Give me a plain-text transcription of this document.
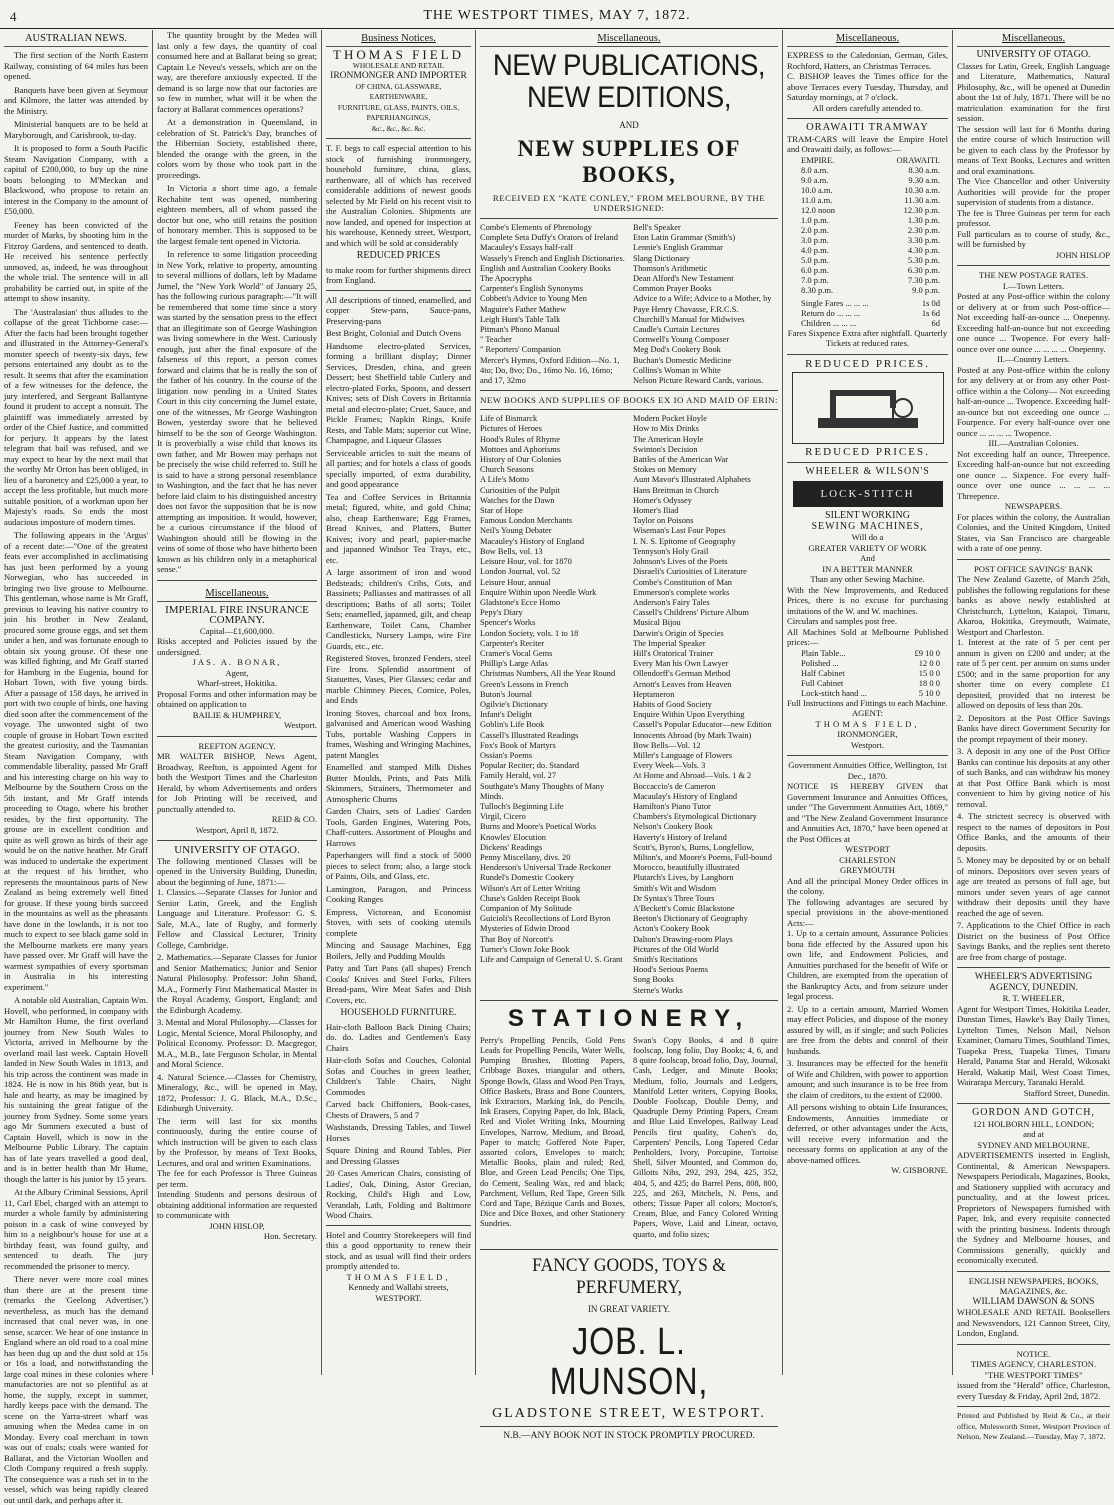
4	THE WESTPORT TIMES, MAY 7, 1872.
AUSTRALIAN NEWS.

The first section of the North Eastern Railway, consisting of 64 miles has been opened.

Banquets have been given at Seymour and Kilmore, the latter was attended by the Ministry.

Ministerial banquets are to be held at Maryborough, and Carisbrook, to-day.

It is proposed to form a South Pacific Steam Navigation Company, with a capital of £200,000, to buy up the nine boats belonging to M'Meckan and Blackwood, who propose to retain an interest in the Company to the amount of £50,000.

Feeney has been convicted of the murder of Marks, by shooting him in the Fitzroy Gardens, and sentenced to death. He received his sentence perfectly unmoved, as, indeed, he was throughout the whole trial. The sentence will in all probability be carried out, in spite of the attempt to show insanity.

The 'Australasian' thus alludes to the collapse of the great Tichborne case:—After the facts had been brought together and illustrated in the Attorney-General's monster speech of twenty-six days, few persons entertained any doubt as to the result. It seems that after the examination of a few witnesses for the defence, the jury interfered, and Sergeant Ballantyne found it prudent to accept a nonsuit. The plaintiff was immediately arrested by order of the Chief Justice, and committed for perjury. It appears by the latest telegram that bail was refused, and we may expect to hear by the next mail that the worthy Mr Orton has been obliged, in lieu of a baronetcy and £25,000 a year, to accept the less profitable, but much more suitable position, of a workman upon her Majesty's roads. So ends the most audacious imposture of modern times.

The following appears in the 'Argus' of a recent date:—"One of the greatest feats ever accomplished in acclimatising has just been performed by a young Norwegian, who has succeeded in bringing two live grouse to Melbourne. This gentleman, whose name is Mr Graff, previous to leaving his native country to join his brother in New Zealand, procured some grouse eggs, and set them under a hen, and was fortunate enough to obtain six young grouse. Of these one was killed fighting, and Mr Graff started for Hamburg in the Eugenia, bound for Hobart Town, with five young birds. After a passage of 158 days, he arrived in port with two couple of birds, one having died soon after the commencement of the voyage. The unwonted sight of two couple of grouse in Hobart Town excited the greatest curiosity, and the Tasmanian Steam Navigation Company, with commendable liberality, passed Mr Graff and his interesting charge on his way to Melbourne by the Southern Cross on the 5th instant, and Mr Graff intends proceeding to Otago, where his brother resides, by the first opportunity. The grouse are in excellent condition and quite as well grown as birds of their age would be on the native heather. Mr Graff was induced to undertake the experiment at the request of his brother, who represents the mountainous parts of New Zealand as being extremely well fitted for grouse. If these young birds succeed in the mountains as well as the pheasants have done in the lowlands, it is not too much to expect to see black game sold in the Melbourne markets ere many years have passed over. Mr Graff will have the warmest sympathies of every sportsman in Australia in his interesting experiment."

A notable old Australian, Captain Wm. Hovell, who performed, in company with Mr Hamilton Hume, the first overland journey from New South Wales to Victoria, arrived in Melbourne by the overland mail last week. Captain Hovell landed in New South Wales in 1813, and his trip across the continent was made in 1824. He is now in his 86th year, but is hale and hearty, as may be imagined by his sustaining the great fatigue of the journey from Sydney. Some some years ago Mr Summers executed a bust of Captain Hovell, which is now in the Melbourne Public Library. The captain has of late years travelled a good deal, and is in better health than Mr Hume, though the latter is his junior by 15 years.

At the Albury Criminal Sessions, April 11, Carl Ebel, charged with an attempt to murder a whole family by administering poison in a cask of wine conveyed by him to a neighbour's house for use at a birthday feast, was found guilty, and sentenced to death. The jury recommended the prisoner to mercy.

There never were more coal mines than there are at the present time (remarks the 'Geelong Advertiser,') nevertheless, as much has the demand increased that coal never was, in one sense, scarcer. We hear of one instance in England where an old road to a coal mine has been dug up and the dust sold at 15s or 16s a load, and notwithstanding the large coal mines in these colonies where manufactories are not so plentiful as at home, the supply, except in summer, hardly keeps pace with the demand. The scene on the Yarra-street wharf was amusing when the Medea came in on Monday. Every coal merchant in town was out of coals; coals were wanted for Ballarat, and the Victorian Woollen and Cloth Company required a fresh supply. The consequence was a rush set in to the vessel, which was being rapidly cleared out until dark, and perhaps after it.

The quantity brought by the Medea will last only a few days, the quantity of coal consumed here and at Ballarat being so great; Captain Le Neveu's vessels, which are on the way, are therefore anxiously expected. If the demand is so large now that our factories are so few in number, what will it be when the factory at Ballarat commences operations?

At a demonstration in Queensland, in celebration of St. Patrick's Day, branches of the Hibernian Society, established there, blended the orange with the green, in the colors worn by those who took part in the proceedings.

In Victoria a short time ago, a female Rechabite tent was opened, numbering eighteen members, all of whom passed the doctor but one, who still retains the position of honorary member. This is supposed to be the largest female tent opened in Victoria.

In reference to some litigation proceeding in New York, relative to property, amounting to several millions of dollars, left by Madame Jumel, the "New York World" of January 25, has the following curious paragraph:—"It will be remembered that some time since a story was started by the sensation press to the effect that an illegitimate son of George Washington was living somewhere in the West. Curiously enough, just after the final exposure of the falseness of this report, a person comes forward and claims that he is really the son of the father of his country. In the course of the litigation now pending in a United States Court in this city concerning the Jumel estate, one of the witnesses, Mr George Washington Bowen, yesterday swore that he believed himself to be the son of George Washington. It is proverbially a wise child that knows its own father, and Mr Bowen may perhaps not be precisely the wise child referred to. Still he is said to have a strong personal resemblance to Washington, and the fact that he has never before laid claim to his distinguished ancestry does not favor the supposition that he is now attempting an imposition. It would, however, be a curious circumstance if the blood of Washington should still be flowing in the veins of some of those who have hitherto been known as his children only in a metaphorical sense."

Miscellaneous.
IMPERIAL FIRE INSURANCE COMPANY.
Capital—£1,600,000.
Risks accepted and Policies issued by the undersigned.
JAS. A. BONAR,
Agent,
Wharf-street, Hokitika.
Proposal Forms and other information may be obtained on application to
BAILIE & HUMPHREY,
Westport.
REEFTON AGENCY.
MR WALTER BISHOP, News Agent, Broadway, Reefton, is appointed Agent for both the Westport Times and the Charleston Herald, by whom Advertisements and orders for Job Printing will be received, and punctually attended to.
REID & CO.
Westport, April 8, 1872.
UNIVERSITY OF OTAGO.
The following mentioned Classes will be opened in the University Building, Dunedin, about the beginning of June, 1871:—
1. Classics.—Separate Classes for Junior and Senior Latin, Greek, and the English Language and Literature. Professor: G. S. Sale, M.A., late of Rugby, and formerly Fellow and Classical Lecturer, Trinity College, Cambridge.
2. Mathematics.—Separate Classes for Junior and Senior Mathematics; Junior and Senior Natural Philosophy. Professor: John Shand, M.A., Formerly First Mathematical Master in the Royal Academy, Gosport, England; and the Edinburgh Academy.
3. Mental and Moral Philosophy.—Classes for Logic, Mental Science, Moral Philosophy, and Political Economy. Professor: D. Macgregor, M.A., M.B., late Ferguson Scholar, in Mental and Moral Science.
4. Natural Science.—Classes for Chemistry, Mineralogy, &c., will be opened in May, 1872, Professor: J. G. Black, M.A., D.Sc., Edinburgh University.
The term will last for six months continuously, during the entire course of which instruction will be given to each class by the Professor, by means of Text Books, Lectures, and oral and written Examinations.
The fee for each Professor is Three Guineas per term.
Intending Students and persons desirous of obtaining additional information are requested to communicate with
JOHN HISLOP,
Hon. Secretary.
Business Notices.
THOMAS FIELD
WHOLESALE AND RETAIL
IRONMONGER AND IMPORTER
OF CHINA, GLASSWARE, EARTHENWARE,
FURNITURE, GLASS, PAINTS, OILS, PAPERHANGINGS,
&c., &c., &c. &c.
T. F. begs to call especial attention to his stock of furnishing ironmongery, household furniture, china, glass, earthenware, all of which has received considerable additions of newest goods selected by Mr Field on his recent visit to the Australian Colonies. Shipments are now landed, and opened for inspection at his warehouse, Kennedy street, Westport, and which will be sold at considerably
REDUCED PRICES
to make room for further shipments direct from England.
All descriptions of tinned, enamelled, and copper Stew-pans, Sauce-pans, Preserving-pans
Best Bright, Colonial and Dutch Ovens
Handsome electro-plated Services, forming a brilliant display; Dinner Services, Dresden, china, and green Dessert; best Sheffield table Cutlery and electro-plated Forks, Spoons, and dessert Knives; sets of Dish Covers in Britannia metal and electro-plate; Cruet, Sauce, and Pickle Frames; Napkin Rings, Knife Rests, and Table Mats; superior cut Wine, Champagne, and Liqueur Glasses
Serviceable articles to suit the means of all parties; and for hotels a class of goods specially imported, of extra durability, and good appearance
Tea and Coffee Services in Britannia metal; figured, white, and gold China; also, cheap Earthenware; Egg Frames, Bread Knives, and Platters, Butter Knives; ivory and pearl, papier-mache and japanned Windsor Tea Trays, etc., etc.
A large assortment of iron and wood Bedsteads; children's Cribs, Cots, and Bassinets; Palliasses and mattrasses of all descriptions; Baths of all sorts; Toilet Sets; enamelled, japanned, gilt, and cheap Earthenware, Toilet Cans, Chamber Candlesticks, Nursery Lamps, wire Fire Guards, etc., etc.
Registered Stoves, bronzed Fenders, steel Fire Irons. Splendid assortment of Statuettes, Vases, Pier Glasses; cedar and marble Chimney Pieces, Cornice, Poles, and Ends
Ironing Stoves, charcoal and box Irons, galvanised and American wood Washing Tubs, portable Washing Coppers in frames, Washing and Wringing Machines, patent Mangles
Enamelled and stamped Milk Dishes Butter Moulds, Prints, and Pats Milk Skimmers, Strainers, Thermometer and Atmospheric Churns
Garden Chairs, sets of Ladies' Garden Tools, Garden Engines, Watering Pots, Chaff-cutters. Assortment of Ploughs and Harrows
Paperhangers will find a stock of 5000 pieces to select from; also, a large stock of Paints, Oils, and Glass, etc.
Lamington, Paragon, and Princess Cooking Ranges
Empress, Victorean, and Economist Stoves, with sets of cooking utensils complete
Mincing and Sausage Machines, Egg Boilers, Jelly and Pudding Moulds
Patty and Tart Pans (all shapes) French Cooks' Knives and Steel Forks, Filters Bread-pans, Wire Meat Safes and Dish Covers, etc.
HOUSEHOLD FURNITURE.
Hair-cloth Balloon Back Dining Chairs; do. do. Ladies and Gentlemen's Easy Chairs
Hair-cloth Sofas and Couches, Colonial Sofas and Couches in green leather, Children's Table Chairs, Night Commodes
Carved back Chiffoniers, Book-cases, Chests of Drawers, 5 and 7
Washstands, Dressing Tables, and Towel Horses
Square Dining and Round Tables, Pier and Dressing Glasses
20 Cases American Chairs, consisting of Ladies', Oak, Dining, Astor Grecian, Rocking, Child's High and Low, Verandah, Lath, Folding and Baltimore Wood Chairs.
Hotel and Country Storekeepers will find this a good opportunity to renew their stock, and as usual will find their orders promptly attended to.
THOMAS FIELD,
Kennedy and Wallabi streets,
WESTPORT.
Miscellaneous.
NEW PUBLICATIONS, NEW EDITIONS,
AND
NEW SUPPLIES OF BOOKS,
RECEIVED EX "KATE CONLEY," FROM MELBOURNE, BY THE UNDERSIGNED:
Combe's Elements of Phrenology
Complete Seta Duffy's Orators of Ireland
Macauley's Essays half-calf
Wassely's French and English Dictionaries.
English and Australian Cookery Books
The Apocrypha
Carpenter's English Synonyms
Cobbett's Advice to Young Men
Maguire's Father Mathew
Leigh Hunt's Table Talk
Pitman's Phono Manual
" Teacher
" Reporters' Companion
Mercer's Hymns, Oxford Edition—No. 1, 4to; Do, 8vo; Do., 16mo No. 16, 16mo; and 17, 32mo
Bell's Speaker
Eton Latin Grammar (Smith's)
Lennie's English Grammar
Slang Dictionary
Thomson's Arithmetic
Dean Alford's New Testament
Common Prayer Books
Advice to a Wife; Advice to a Mother, by Paye Henry Chavasse, F.R.C.S.
Churchill's Manual for Midwives
Caudle's Curtain Lectures
Cornwell's Young Composer
Meg Dod's Cookery Book
Buchan's Domestic Medicine
Collins's Woman in White
Nelson Picture Reward Cards, various.
NEW BOOKS AND SUPPLIES OF BOOKS EX IO AND MAID OF ERIN:
Life of Bismarck
Pictures of Heroes
Hood's Rules of Rhyme
Mottoes and Aphorisms
History of Our Colonies
Church Seasons
A Life's Motto
Curiosities of the Pulpit
Watches for the Dawn
Star of Hope
Famous London Merchants
Neil's Young Debater
Macauley's History of England
Bow Bells, vol. 13
Leisure Hour, vol. for 1870
London Journal, vol. 52
Leisure Hour, annual
Enquire Within upon Needle Work
Gladstone's Ecce Homo
Pepy's Diary
Spencer's Works
London Society, vols. 1 to 18
Carpenter's Reciter
Cramer's Vocal Gems
Phillip's Large Atlas
Christmas Numbers, All the Year Round
Green's Lessons in French
Buton's Journal
Ogilvie's Dictionary
Infant's Delight
Goblin's Life Book
Cassell's Illustrated Readings
Fox's Book of Martyrs
Ossian's Poems
Popular Reciter; do. Standard
Family Herald, vol. 27
Southgate's Many Thoughts of Many Minds.
Tulloch's Beginning Life
Virgil, Cicero
Burns and Moore's Poetical Works
Knowles' Elocution
Dickens' Readings
Penny Miscellany, divs. 20
Henderson's Universal Trade Reckoner
Rundel's Domestic Cookery
Wilson's Art of Letter Writing
Chase's Golden Receipt Book
Companion of My Solitude
Guicioli's Recollections of Lord Byron
Mysteries of Edwin Drood
That Boy of Norcott's
Turner's Clown Joke Book
Life and Campaign of General U. S. Grant
Modern Pocket Hoyle
How to Mix Drinks
The American Hoyle
Swinton's Decision
Battles of the American War
Stokes on Memory
Aunt Mavor's Illustrated Alphabets
Hans Breitman in Church
Homer's Odyssey
Homer's Iliad
Taylor on Poisons
Wiseman's Last Four Popes
I. N. S. Epitome of Geography
Tennyson's Holy Grail
Johnson's Lives of the Poets
Disraeli's Curiosities of Literature
Combe's Constitution of Man
Emmerson's complete works
Anderson's Fairy Tales
Cassell's Childrens' Picture Album
Musical Bijou
Darwin's Origin of Species
The Imperial Speaker
Hill's Oratorical Trainer
Every Man his Own Lawyer
Ollendorff's German Method
Arnott's Leaves from Heaven
Heptameron
Habits of Good Society
Enquire Within Upon Everything
Cassell's Popular Educator—new Edition
Innocents Abroad (by Mark Twain)
Bow Bells—Vol. 12
Miller's Language of Flowers
Every Week—Vols. 3
At Home and Abroad—Vols. 1 & 2
Boccaccio's de Cameron
Macaulay's History of England
Hamilton's Piano Tutor
Chambers's Etymological Dictionary
Nelson's Cookery Book
Haverty's History of Ireland
Scott's, Byron's, Burns, Longfellow, Milton's, and Moore's Poems, Full-bound Morocco, beautifully illustrated
Plutarch's Lives, by Langhorn
Smith's Wit and Wisdom
Dr Syntax's Three Tours
A'Beckett's Comic Blackstone
Beeton's Dictionary of Geography
Acton's Cookery Book
Dalton's Drawing-room Plays
Pictures of the Old World
Smith's Recitations
Hood's Serious Poems
Song Books
Sterne's Works
STATIONERY,
Perry's Propelling Pencils, Gold Pens Leads for Propelling Pencils, Water Wells, Pumping Brushes, Blotting Papers, Cribbage Boxes, triangular and others, Sponge Bowls, Glass and Wood Pen Trays, Office Baskets, Brass and Bone Counters, Ink Extractors, Marking Ink, do Pencils, Ink Erasers, Copying Paper, do Ink, Black, Red and Violet Writing Inks, Mourning Envelopes, Narrow, Medium, and Broad, Paper to match; Goffered Note Paper, assorted colors, Envelopes to match; Metallic Books, plain and ruled; Red, Blue, and Green Lead Pencils; One Tips, do Cement, Sealing Wax, red and black; Parchment, Vellum, Red Tape, Green Silk Cord and Tape, Bézique Cards and Boxes, Dice and Dice Boxes, and other Stationery Sundries.
Swan's Copy Books, 4 and 8 quire foolscap, long folio, Day Books; 4, 6, and 8 quire foolscap, broad folio, Day, Journal, Cash, Ledger, and Minute Books; Medium, folio, Journals and Ledgers, Manifold Letter writers, Copying Books, Double Foolscap, Double Demy, and Quadruple Demy Printing Papers, Cream and Blue Laid Envelopes, Railway Lead Pencils first quality, Cohen's do, Carpenters' Pencils, Long Tapered Cedar Penholders, Ivory, Porcupine, Tortoise Shell, Silver Mounted, and Common do, Gillotts Nibs, 292, 293, 294, 425, 352, 404, 5, and 425; do Barrel Pens, 808, 800, 225, and 263, Mitchels, N. Pens, and others; Tissue Paper all colors; Mocton's, Cream, Blue, and Fancy Colored Writing Papers, Wove, Laid and Linear, octavo, quarto, and folio sizes;
FANCY GOODS, TOYS & PERFUMERY,
IN GREAT VARIETY.
JOB. L. MUNSON,
GLADSTONE STREET, WESTPORT.
N.B.—ANY BOOK NOT IN STOCK PROMPTLY PROCURED.
Miscellaneous.
EXPRESS to the Caledonian, German, Giles, Rochford, Hatters, an Christmas Terraces.
C. BISHOP leaves the Times office for the above Terraces every Tuesday, Thursday, and Saturday mornings, at 7 o'clock.
All orders carefully attended to.
ORAWAITI TRAMWAY
TRAM-CARS will leave the Empire Hotel and Orawaiti daily, as follows:—
EMPIRE.	ORAWAITI.
8.0 a.m.	8.30 a.m.
9.0 a.m.	9.30 a.m.
10.0 a.m.	10.30 a.m.
11.0 a.m.	11.30 a.m.
12.0 noon	12.30 p.m.
1.0 p.m.	1.30 p.m.
2.0 p.m.	2.30 p.m.
3.0 p.m.	3.30 p.m.
4.0 p.m.	4.30 p.m.
5.0 p.m.	5.30 p.m.
6.0 p.m.	6.30 p.m.
7.0 p.m.	7.30 p.m.
8.30 p.m.	9.0 p.m.
Single Fares ... ... ...	1s 0d
Return do ... ... ...	1s 6d
Children ... ... ...	6d
Fares Sixpence Extra after nightfall. Quarterly Tickets at reduced rates.
REDUCED PRICES.
REDUCED PRICES.
WHEELER & WILSON'S
LOCK-STITCH
SILENT WORKING
SEWING MACHINES,
Will do a
GREATER VARIETY OF WORK
And
IN A BETTER MANNER
Than any other Sewing Machine.
With the New Improvements, and Reduced Prices, there is no excuse for purchasing imitations of the W. and W. machines.
Circulars and samples post free.
All Machines Sold at Melbourne Published prices:—
Plain Table...	£9 10 0
Polished ...	12 0 0
Half Cabinet	15 0 0
Full Cabinet	18 0 0
Lock-stitch hand ...	5 10 0
Full Instructions and Fittings to each Machine.
AGENT:
THOMAS FIELD,
IRONMONGER,
Westport.
Government Annuities Office, Wellington, 1st Dec., 1870.
NOTICE IS HEREBY GIVEN that Government Insurance and Annuities Offices, under "The Government Annuities Act, 1869," and "The New Zealand Government Insurance and Annuities Act, 1870," have been opened at the Post Offices at
WESTPORT
CHARLESTON
GREYMOUTH
And all the principal Money Order offices in the colony.
The following advantages are secured by special provisions in the above-mentioned Acts:—
1. Up to a certain amount, Assurance Policies bona fide effected by the Assured upon his own life, and Endowment Policies, and Annuities purchased for the benefit of Wife or Children, are exempted from the operation of the Bankruptcy Acts, and from seizure under legal process.
2. Up to a certain amount, Married Women may effect Policies, and dispose of the money assured by will, as if single; and such Policies are free from the debts and control of their husbands.
3. Insurances may be effected for the benefit of Wife and Children, with power to apportion amount; and such insurance is to be free from the claim of creditors, to the extent of £2000.
All persons wishing to obtain Life Insurances, Endowments, Annuities immediate or deferred, or other advantages under the Acts, will receive every information and the necessary forms on application at any of the above-named offices.
W. GISBORNE.
Miscellaneous.
UNIVERSITY OF OTAGO.
Classes for Latin, Greek, English Language and Literature, Mathematics, Natural Philosophy, &c., will be opened at Dunedin about the 1st of July, 1871. There will be no matriculation examination for the first session.
The session will last for 6 Months during the entire course of which Instruction will be given to each class by the Professor by means of Text Books, Lectures and written and oral examinations.
The Vice Chancellor and other University Authorities will provide for the proper supervision of students from a distance.
The fee is Three Guineas per term for each professor.
Full particulars as to course of study, &c., will be furnished by
JOHN HISLOP
THE NEW POSTAGE RATES.
I.—Town Letters.
Posted at any Post-office within the colony or delivery at or from such Post-office—Not exceeding half-an-ounce ... Onepenny. Exceeding half-an-ounce but not exceeding one ounce ... Twopence. For every half-ounce over one ounce ... ... ... ... Onepenny.
II.—Country Letters.
Posted at any Post-office within the colony for any delivery at or from any other Post-office within a the Colony— Not exceeding half-an-ounce ... Twopence. Exceeding half-an-ounce but not exceeding one ounce ... Fourpence. For every half-ounce over one ounce ... ... ... ... Twopence.
III.—Australian Colonies.
Not exceeding half an ounce, Threepence. Exceeding half-an-ounce but not exceeding one ounce ... Sixpence. For every half-ounce over one ounce ... ... ... ... Threepence.
NEWSPAPERS.
For places within the colony, the Australian Colonies, and the United Kingdom, United States, via San Francisco are chargeable with a rate of one penny.
POST OFFICE SAVINGS' BANK
The New Zealand Gazette, of March 25th, publishes the following regulations for these banks as above newly established at Christchurch, Lyttelton, Kaiapoi, Timaru, Akaroa, Hokitika, Greymouth, Waimate, Westport and Charleston.
1. Interest at the rate of 5 per cent per annum is given on £200 and under; at the rate of 5 per cent. per annum on sums under £500; and in the same proportion for any shorter time on every complete £1 deposited, provided that no interest be allowed on deposits of less than 20s.
2. Depositors at the Post Office Savings Banks have direct Government Security for the prompt repayment of their money.
3. A deposit in any one of the Post Office Banks can continue his deposits at any other of such Banks, and can withdraw his money at that Post Office Bank which is most convenient to him by giving notice of his removal.
4. The strictest secrecy is observed with respect to the names of depositors in Post Office Banks, and the amounts of their deposits.
5. Money may be deposited by or on behalf of minors. Depositors over seven years of age are treated as persons of full age, but minors under seven years of age cannot withdraw their deposits until they have reached the age of seven.
7. Applications to the Chief Office in each District on the business of Post Office Savings Banks, and the replies sent thereto are free from charge of postage.
WHEELER'S ADVERTISING AGENCY, DUNEDIN.
R. T. WHEELER,
Agent for Westport Times, Hokitika Leader, Dunstan Times, Hawke's Bay Daily Times, Lyttelton Times, Nelson Mail, Nelson Examiner, Oamaru Times, Southland Times, Tuapeka Press, Tuapeka Times, Timaru Herald, Panama Star and Herald, Wikosaki Herald, Wakatip Mail, West Coast Times, Wairarapa Mercury, Taranaki Herald.
Stafford Street, Dunedin.
GORDON AND GOTCH,
121 HOLBORN HILL, LONDON;
and at
SYDNEY AND MELBOURNE.
ADVERTISEMENTS inserted in English, Continental, & American Newspapers. Newspapers Periodicals, Magazines, Books, and Stationery supplied with accuracy and punctuality, and at the lowest prices. Proprietors of Newspapers furnished with Paper, Ink, and every requisite connected with the printing business. Indents through the Sydney and Melbourne houses, and Commissions generally, quickly and economically executed.
ENGLISH NEWSPAPERS, BOOKS, MAGAZINES, &c.
WILLIAM DAWSON & SONS
WHOLESALE AND RETAIL Booksellers and Newsvendors, 121 Cannon Street, City, London, England.
NOTICE.
TIMES AGENCY, CHARLESTON.
"THE WESTPORT TIMES"
issued from the "Herald" office, Charleston, every Tuesday & Friday, April 2nd, 1872.
Printed and Published by Reid & Co., at their office, Molesworth Street, Westport Province of Nelson, New Zealand.—Tuesday, May 7, 1872.
